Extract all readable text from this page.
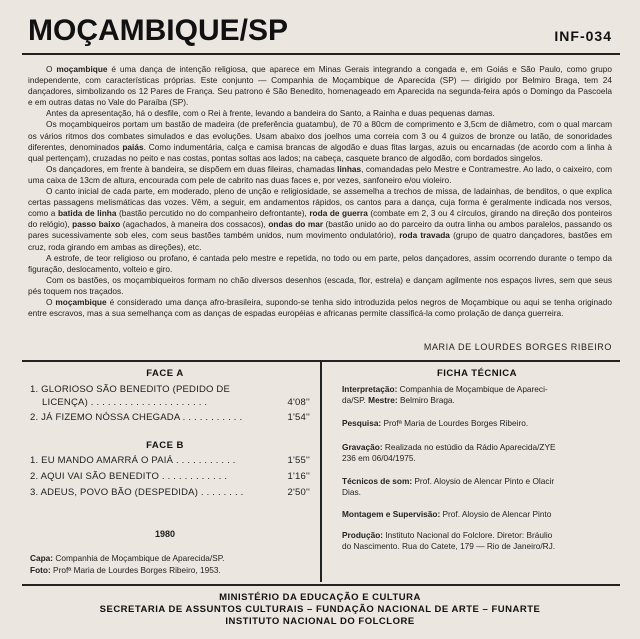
MOÇAMBIQUE/SP	INF-034

O moçambique é uma dança de intenção religiosa, que aparece em Minas Gerais integrando a congada e, em Goiás e São Paulo, como grupo independente, com características próprias. Este conjunto — Companhia de Moçambique de Aparecida (SP) — dirigido por Belmiro Braga, tem 24 dançadores, simbolizando os 12 Pares de França. Seu patrono é São Benedito, homenageado em Aparecida na segunda-feira após o Domingo da Pascoela e em outras datas no Vale do Paraíba (SP).

Antes da apresentação, há o desfile, com o Rei à frente, levando a bandeira do Santo, a Rainha e duas pequenas damas.

Os moçambiqueiros portam um bastão de madeira (de preferência guatambu), de 70 a 80cm de comprimento e 3,5cm de diâmetro, com o qual marcam os vários ritmos dos combates simulados e das evoluções. Usam abaixo dos joelhos uma correia com 3 ou 4 guizos de bronze ou latão, de sonoridades diferentes, denominados paiás. Como indumentária, calça e camisa brancas de algodão e duas fitas largas, azuis ou encarnadas (de acordo com a linha à qual pertençam), cruzadas no peito e nas costas, pontas soltas aos lados; na cabeça, casquete branco de algodão, com bordados singelos.

Os dançadores, em frente à bandeira, se dispõem em duas fileiras, chamadas linhas, comandadas pelo Mestre e Contramestre. Ao lado, o caixeiro, com uma caixa de 13cm de altura, encourada com pele de cabrito nas duas faces e, por vezes, sanfoneiro e/ou violeiro.

O canto inicial de cada parte, em moderado, pleno de unção e religiosidade, se assemelha a trechos de missa, de ladainhas, de benditos, o que explica certas passagens melismáticas das vozes. Vêm, a seguir, em andamentos rápidos, os cantos para a dança, cuja forma é geralmente indicada nos versos, como a batida de linha (bastão percutido no do companheiro defrontante), roda de guerra (combate em 2, 3 ou 4 círculos, girando na direção dos ponteiros do relógio), passo baixo (agachados, à maneira dos cossacos), ondas do mar (bastão unido ao do parceiro da outra linha ou ambos paralelos, passando os pares sucessivamente sob eles, com seus bastões também unidos, num movimento ondulatório), roda travada (grupo de quatro dançadores, bastões em cruz, roda girando em ambas as direções), etc.

A estrofe, de teor religioso ou profano, é cantada pelo mestre e repetida, no todo ou em parte, pelos dançadores, assim ocorrendo durante o tempo da figuração, deslocamento, volteio e giro.

Com os bastões, os moçambiqueiros formam no chão diversos desenhos (escada, flor, estrela) e dançam agilmente nos espaços livres, sem que seus pés toquem nos traçados.

O moçambique é considerado uma dança afro-brasileira, supondo-se tenha sido introduzida pelos negros de Moçambique ou aqui se tenha originado entre escravos, mas a sua semelhança com as danças de espadas européias e africanas permite classificá-la como prolação de dança guerreira.

MARIA DE LOURDES BORGES RIBEIRO
FACE A
1. GLORIOSO SÃO BENEDITO (PEDIDO DE
LICENÇA) . . . . . . . . . . . . . . . . . . . . .	4'08''
2. JÁ FIZEMO NÓSSA CHEGADA . . . . . . . . . . .	1'54''
FACE B
1. EU MANDO AMARRÁ O PAIÁ . . . . . . . . . . .	1'55''
2. AQUI VAI SÃO BENEDITO . . . . . . . . . . . .	1'16''
3. ADEUS, POVO BÃO (DESPEDIDA) . . . . . . . .	2'50''
1980
Capa: Companhia de Moçambique de Aparecida/SP.
Foto: Profª Maria de Lourdes Borges Ribeiro, 1953.
FICHA TÉCNICA
Interpretação: Companhia de Moçambique de Apareci-
da/SP. Mestre: Belmiro Braga.
Pesquisa: Profª Maria de Lourdes Borges Ribeiro.
Gravação: Realizada no estúdio da Rádio Aparecida/ZYE
236 em 06/04/1975.
Técnicos de som: Prof. Aloysio de Alencar Pinto e Olacir
Dias.
Montagem e Supervisão: Prof. Aloysio de Alencar Pinto
Produção: Instituto Nacional do Folclore. Diretor: Bráulio
do Nascimento. Rua do Catete, 179 — Rio de Janeiro/RJ.
MINISTÉRIO DA EDUCAÇÃO E CULTURA
SECRETARIA DE ASSUNTOS CULTURAIS – FUNDAÇÃO NACIONAL DE ARTE – FUNARTE
INSTITUTO NACIONAL DO FOLCLORE
